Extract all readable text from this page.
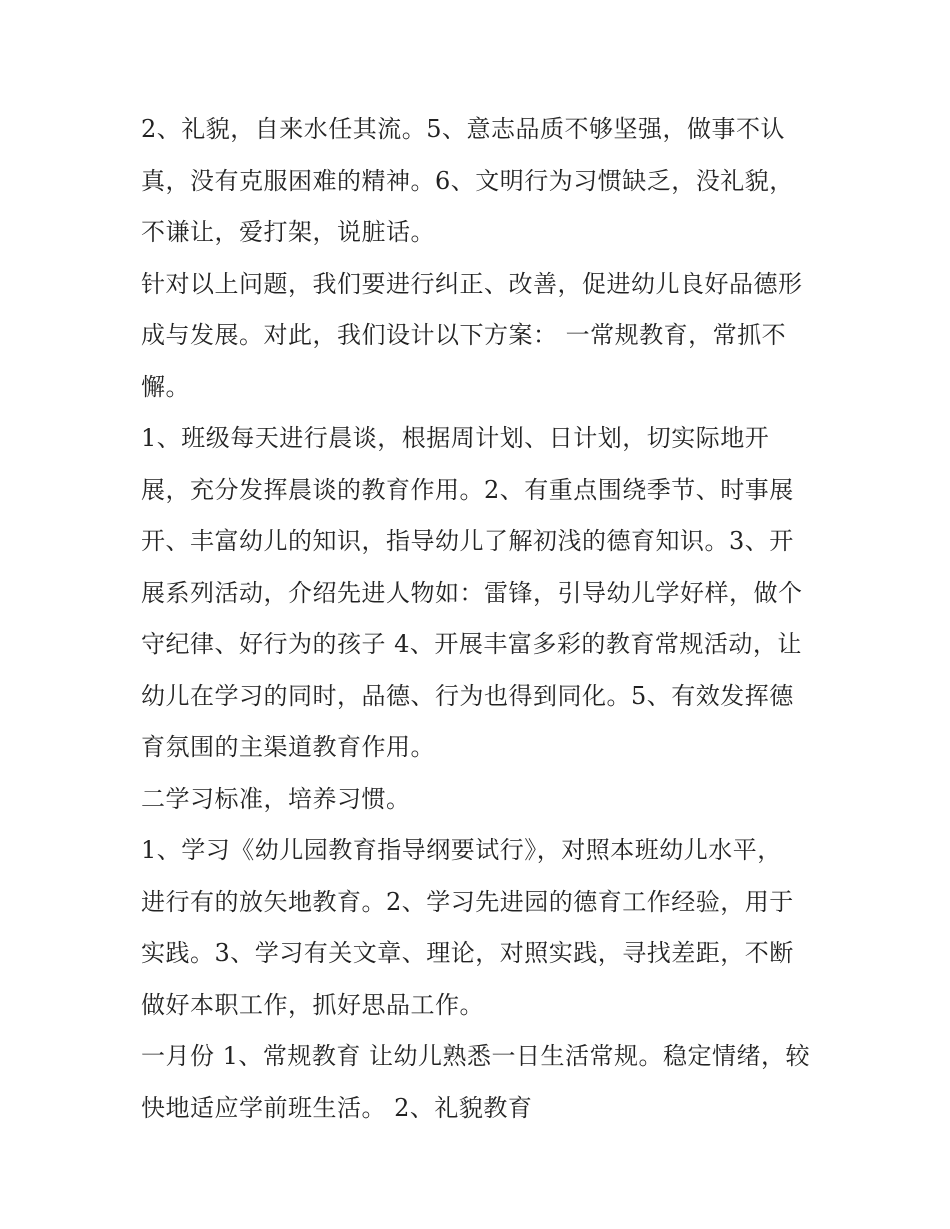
2、礼貌，自来水任其流。5、意志品质不够坚强，做事不认
真，没有克服困难的精神。6、文明行为习惯缺乏，没礼貌，
不谦让，爱打架，说脏话。

针对以上问题，我们要进行纠正、改善，促进幼儿良好品德形
成与发展。对此，我们设计以下方案： 一常规教育，常抓不
懈。

1、班级每天进行晨谈，根据周计划、日计划，切实际地开
展，充分发挥晨谈的教育作用。2、有重点围绕季节、时事展
开、丰富幼儿的知识，指导幼儿了解初浅的德育知识。3、开
展系列活动，介绍先进人物如：雷锋，引导幼儿学好样，做个
守纪律、好行为的孩子 4、开展丰富多彩的教育常规活动，让
幼儿在学习的同时，品德、行为也得到同化。5、有效发挥德
育氛围的主渠道教育作用。

二学习标准，培养习惯。

1、学习《幼儿园教育指导纲要试行》，对照本班幼儿水平，
进行有的放矢地教育。2、学习先进园的德育工作经验，用于
实践。3、学习有关文章、理论，对照实践，寻找差距，不断
做好本职工作，抓好思品工作。

一月份 1、常规教育 让幼儿熟悉一日生活常规。稳定情绪，较
快地适应学前班生活。 2、礼貌教育
